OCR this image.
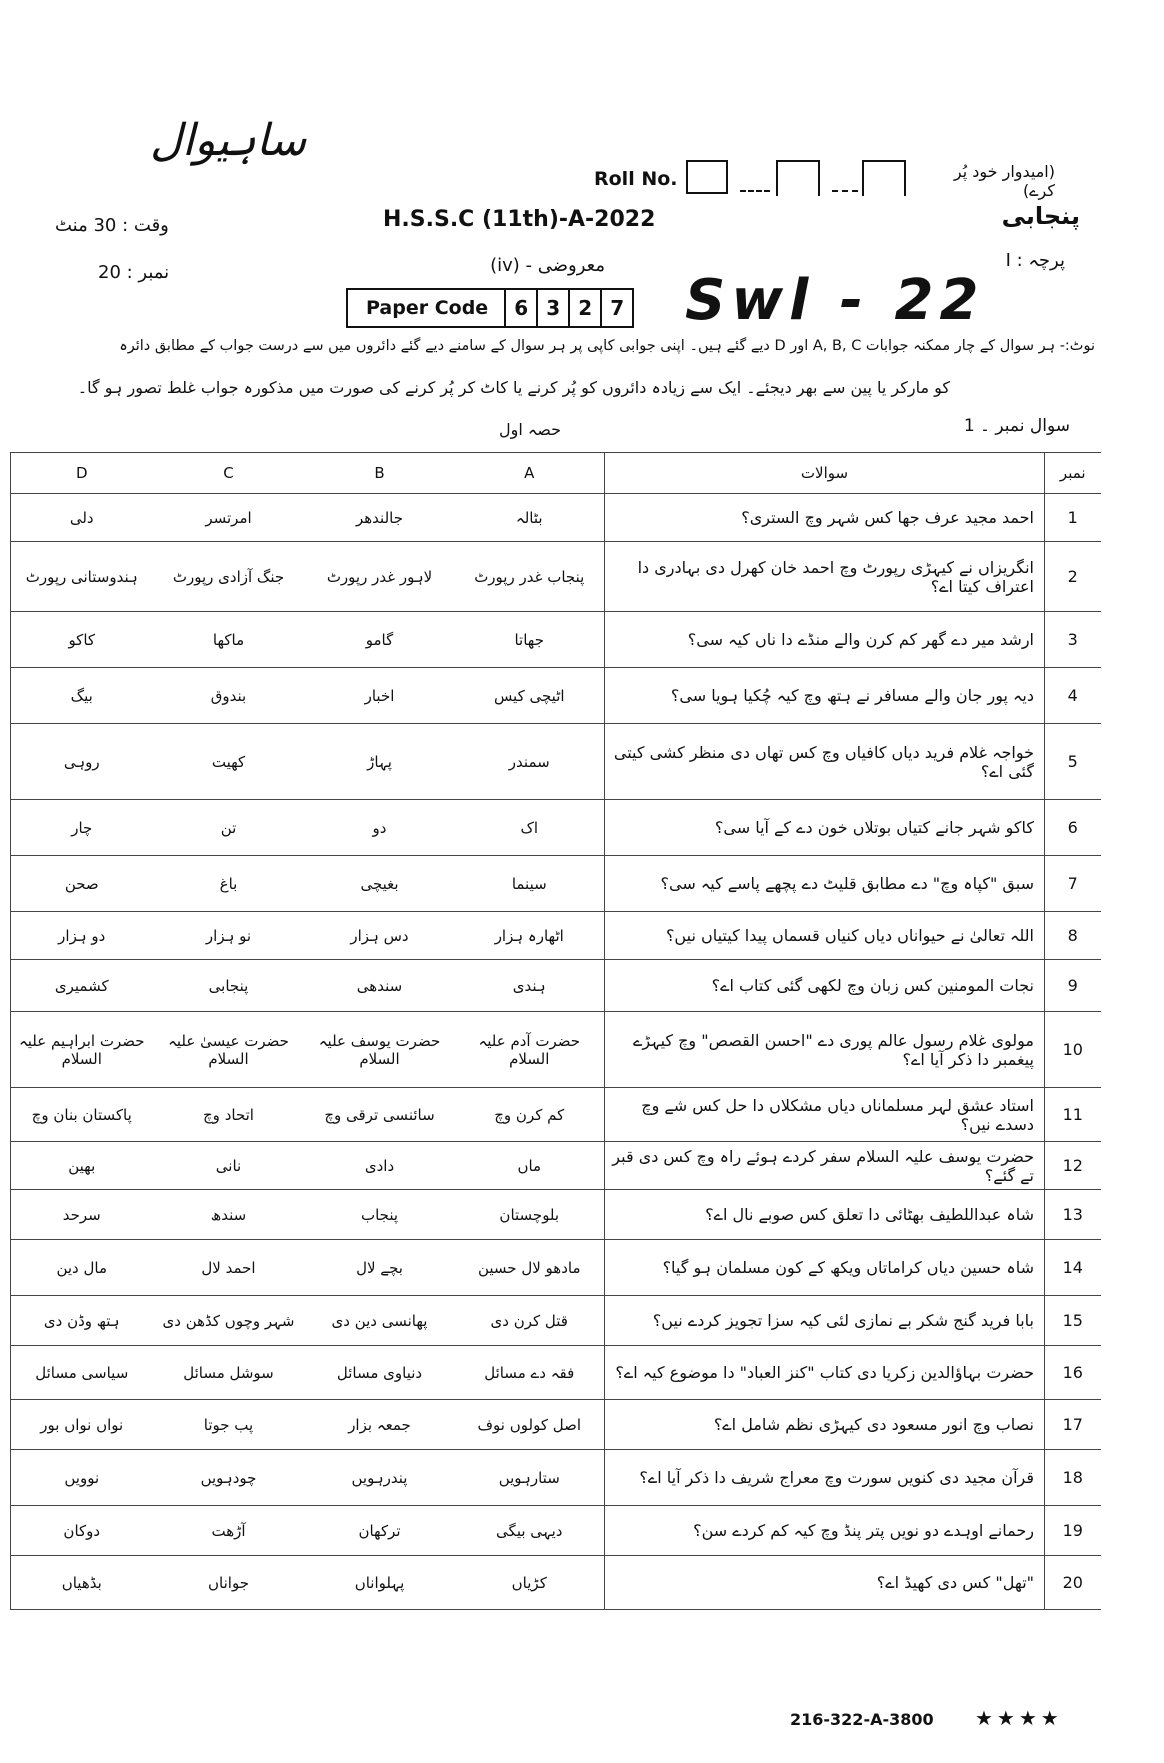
ساہیوال
Roll No.	(امیدوار خود پُر کرے)
H.S.S.C (11th)-A-2022	پنجابی
وقت : 30 منٹ
نمبر : 20	معروضی - (iv)	پرچہ : I
Paper Code 6 3 2 7 Swl - 22
نوٹ:- ہر سوال کے چار ممکنہ جوابات A, B, C اور D دیے گئے ہیں۔ اپنی جوابی کاپی پر ہر سوال کے سامنے دیے گئے دائروں میں سے درست جواب کے مطابق دائرہ
کو مارکر یا پین سے بھر دیجئے۔ ایک سے زیادہ دائروں کو پُر کرنے یا کاٹ کر پُر کرنے کی صورت میں مذکورہ جواب غلط تصور ہو گا۔
حصہ اول	سوال نمبر ۔ 1
D	C	B	A	سوالات	نمبر
دلی	امرتسر	جالندھر	بٹالہ	احمد مجید عرف جھا کس شہر وچ الستری؟	1
ہندوستانی رپورٹ	جنگ آزادی رپورٹ	لاہور غدر رپورٹ	پنجاب غدر رپورٹ	انگریزاں نے کیہڑی رپورٹ وچ احمد خان کھرل دی بہادری دا اعتراف کیتا اے؟	2
کاکو	ماکھا	گامو	جھاتا	ارشد میر دے گھر کم کرن والے منڈے دا ناں کیہ سی؟	3
بیگ	بندوق	اخبار	اٹیچی کیس	دیہ پور جان والے مسافر نے ہتھ وچ کیہ چُکیا ہویا سی؟	4
روہی	کھیت	پہاڑ	سمندر	خواجہ غلام فرید دیاں کافیاں وچ کس تھاں دی منظر کشی کیتی گئی اے؟	5
چار	تن	دو	اک	کاکو شہر جانے کتیاں بوتلاں خون دے کے آیا سی؟	6
صحن	باغ	بغیچی	سینما	سبق "کپاہ وچ" دے مطابق قلیٹ دے پچھے پاسے کیہ سی؟	7
دو ہزار	نو ہزار	دس ہزار	اٹھارہ ہزار	اللہ تعالیٰ نے حیواناں دیاں کنیاں قسماں پیدا کیتیاں نیں؟	8
کشمیری	پنجابی	سندھی	ہندی	نجات المومنین کس زبان وچ لکھی گئی کتاب اے؟	9
حضرت ابراہیم علیہ السلام	حضرت عیسیٰ علیہ السلام	حضرت یوسف علیہ السلام	حضرت آدم علیہ السلام	مولوی غلام رسول عالم پوری دے "احسن القصص" وچ کیہڑے پیغمبر دا ذکر آیا اے؟	10
پاکستان بنان وچ	اتحاد وچ	سائنسی ترقی وچ	کم کرن وچ	استاد عشق لہر مسلماناں دیاں مشکلاں دا حل کس شے وچ دسدے نیں؟	11
بھین	نانی	دادی	ماں	حضرت یوسف علیہ السلام سفر کردے ہوئے راہ وچ کس دی قبر تے گئے؟	12
سرحد	سندھ	پنجاب	بلوچستان	شاہ عبداللطیف بھٹائی دا تعلق کس صوبے نال اے؟	13
مال دین	احمد لال	بچے لال	مادھو لال حسین	شاہ حسین دیاں کراماتاں ویکھ کے کون مسلمان ہو گیا؟	14
ہتھ وڈن دی	شہر وچوں کڈھن دی	پھانسی دین دی	قتل کرن دی	بابا فرید گنج شکر بے نمازی لئی کیہ سزا تجویز کردے نیں؟	15
سیاسی مسائل	سوشل مسائل	دنیاوی مسائل	فقہ دے مسائل	حضرت بہاؤالدین زکریا دی کتاب "کنز العباد" دا موضوع کیہ اے؟	16
نواں نواں بور	پب جوتا	جمعہ بزار	اصل کولوں نوف	نصاب وچ انور مسعود دی کیہڑی نظم شامل اے؟	17
نوویں	چودہویں	پندرہویں	ستارہویں	قرآن مجید دی کنویں سورت وچ معراج شریف دا ذکر آیا اے؟	18
دوکان	آڑھت	ترکھان	دیہی بیگی	رحمانے اوہدے دو نویں پتر پنڈ وچ کیہ کم کردے سن؟	19
بڈھیاں	جواناں	پہلواناں	کڑیاں	"تھل" کس دی کھیڈ اے؟	20
216-322-A-3800 ★★★★
